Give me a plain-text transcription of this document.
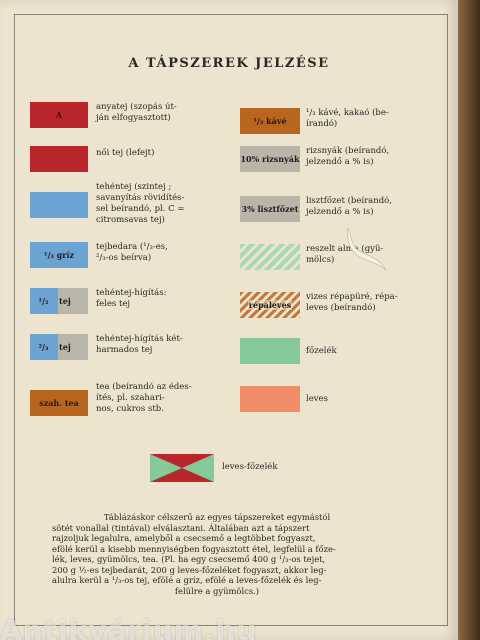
A TÁPSZEREK JELZÉSE
A
anyatej (szopás út-
ján elfogyasztott)
női tej (lefejt)
tehéntej (szintej ;
savanyítás rövidítés-
sel beírandó, pl. C =
citromsavas tej)
¹/₃ gríz
tejbedara (¹/₃-es,
²/₃-os beírva)
¹/₂	tej
tehéntej-hígítás:
feles tej
²/₃	tej
tehéntej-hígítás két-
harmados tej
szah. tea
tea (beírandó az édes-
ítés, pl. szahari-
nos, cukros stb.
¹/₃ kávé
¹/₃ kávé, kakaó (be-
írandó)
10% rizsnyák
rizsnyák (beírandó,
jelzendő a % is)
3% lisztfőzet
lisztfőzet (beírandó,
jelzendő a % is)
reszelt alma (gyü-
mölcs)
répaleves
vizes répapüré, répa-
leves (beírandó)
főzelék
leves
leves-főzelék

Táblázáskor célszerű az egyes tápszereket egymástól

sötét vonallal (tintával) elválasztani. Általában azt a tápszert

rajzoljuk legalulra, amelyből a csecsemő a legtöbbet fogyaszt,

efölé kerül a kisebb mennyiségben fogyasztott étel, legfelül a főze-

lék, leves, gyümölcs, tea. (Pl. ha egy csecsemő 400 g ¹/₃-os tejet,

200 g ½-es tejbedarát, 200 g leves-főzeléket fogyaszt, akkor leg-

alulra kerül a ¹/₃-os tej, efölé a gríz, efölé a leves-főzelék és leg-

felülre a gyümölcs.)

Antikvárium.hu
